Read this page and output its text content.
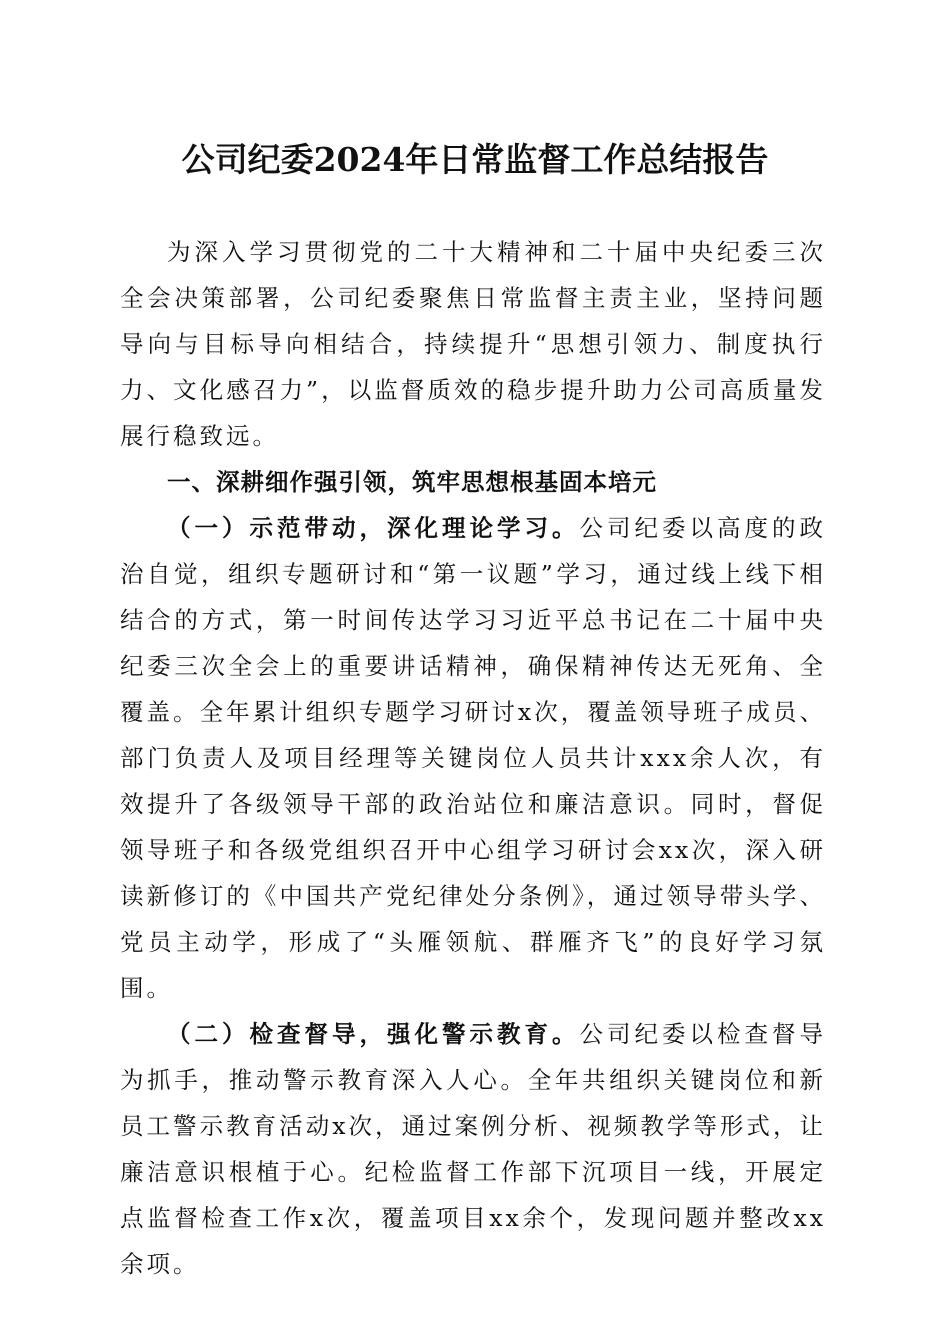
公司纪委2024年日常监督工作总结报告

为深入学习贯彻党的二十大精神和二十届中央纪委三次全会决策部署，公司纪委聚焦日常监督主责主业，坚持问题导向与目标导向相结合，持续提升“思想引领力、制度执行力、文化感召力”，以监督质效的稳步提升助力公司高质量发展行稳致远。

一、深耕细作强引领，筑牢思想根基固本培元

（一）示范带动，深化理论学习。公司纪委以高度的政治自觉，组织专题研讨和“第一议题”学习，通过线上线下相结合的方式，第一时间传达学习习近平总书记在二十届中央纪委三次全会上的重要讲话精神，确保精神传达无死角、全覆盖。全年累计组织专题学习研讨x次，覆盖领导班子成员、部门负责人及项目经理等关键岗位人员共计xxx余人次，有效提升了各级领导干部的政治站位和廉洁意识。同时，督促领导班子和各级党组织召开中心组学习研讨会xx次，深入研读新修订的《中国共产党纪律处分条例》，通过领导带头学、党员主动学，形成了“头雁领航、群雁齐飞”的良好学习氛围。

（二）检查督导，强化警示教育。公司纪委以检查督导为抓手，推动警示教育深入人心。全年共组织关键岗位和新员工警示教育活动x次，通过案例分析、视频教学等形式，让廉洁意识根植于心。纪检监督工作部下沉项目一线，开展定点监督检查工作x次，覆盖项目xx余个，发现问题并整改xx余项。
